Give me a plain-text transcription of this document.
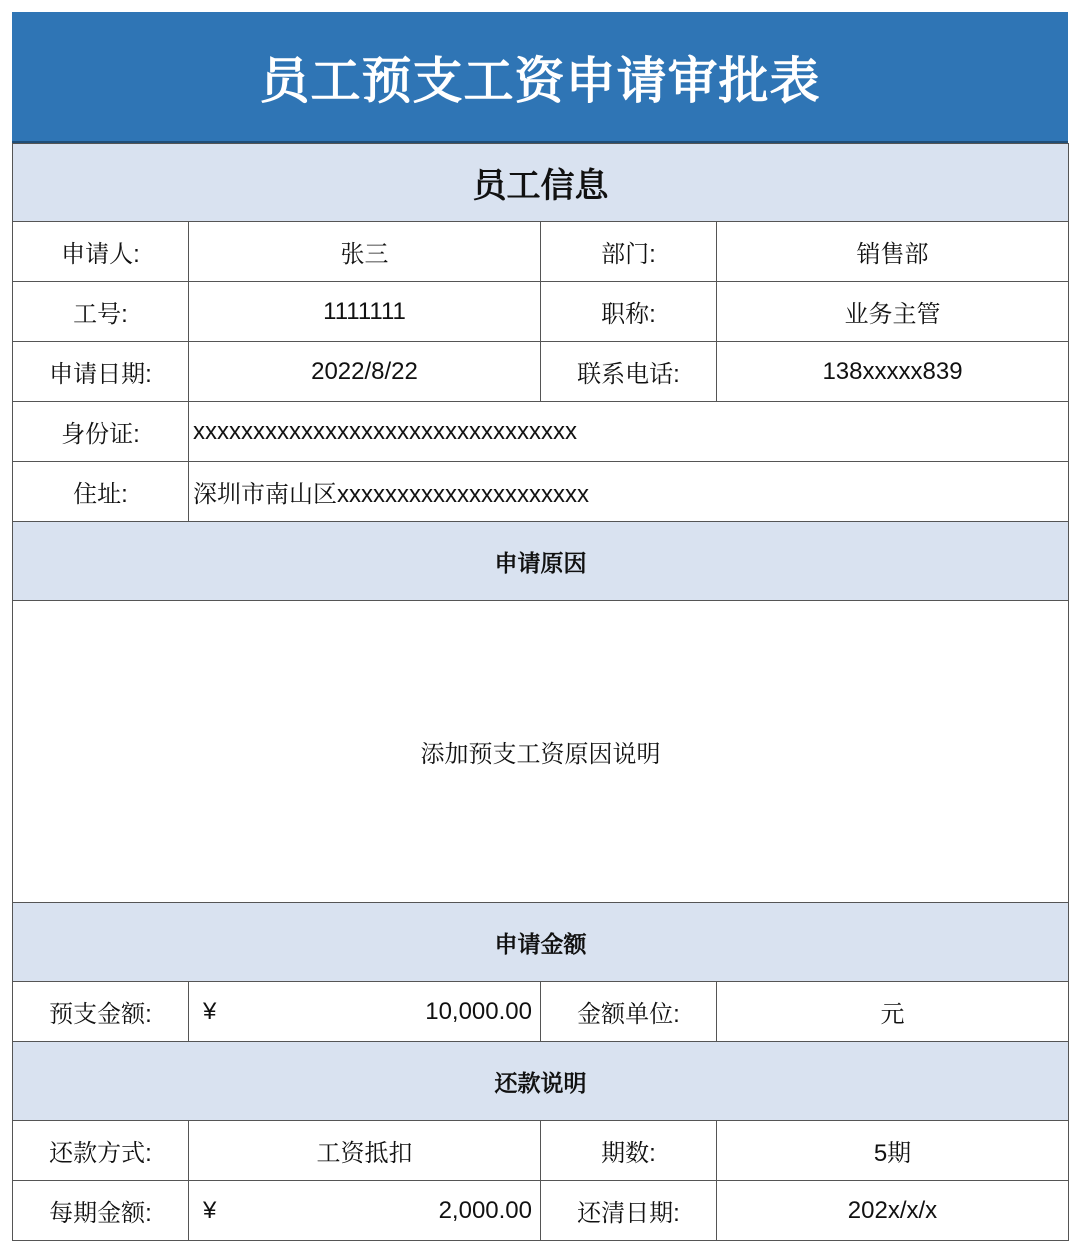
员工预支工资申请审批表
员工信息			
申请人:	张三	部门:	销售部
工号:	1111111	职称:	业务主管
申请日期:	2022/8/22	联系电话:	138xxxxx839
身份证:	xxxxxxxxxxxxxxxxxxxxxxxxxxxxxxxx		
住址:	深圳市南山区xxxxxxxxxxxxxxxxxxxxx		
申请原因			
添加预支工资原因说明			
申请金额			
预支金额:	¥ 10,000.00	金额单位:	元
还款说明			
还款方式:	工资抵扣	期数:	5期
每期金额:	¥ 2,000.00	还清日期:	202x/x/x
